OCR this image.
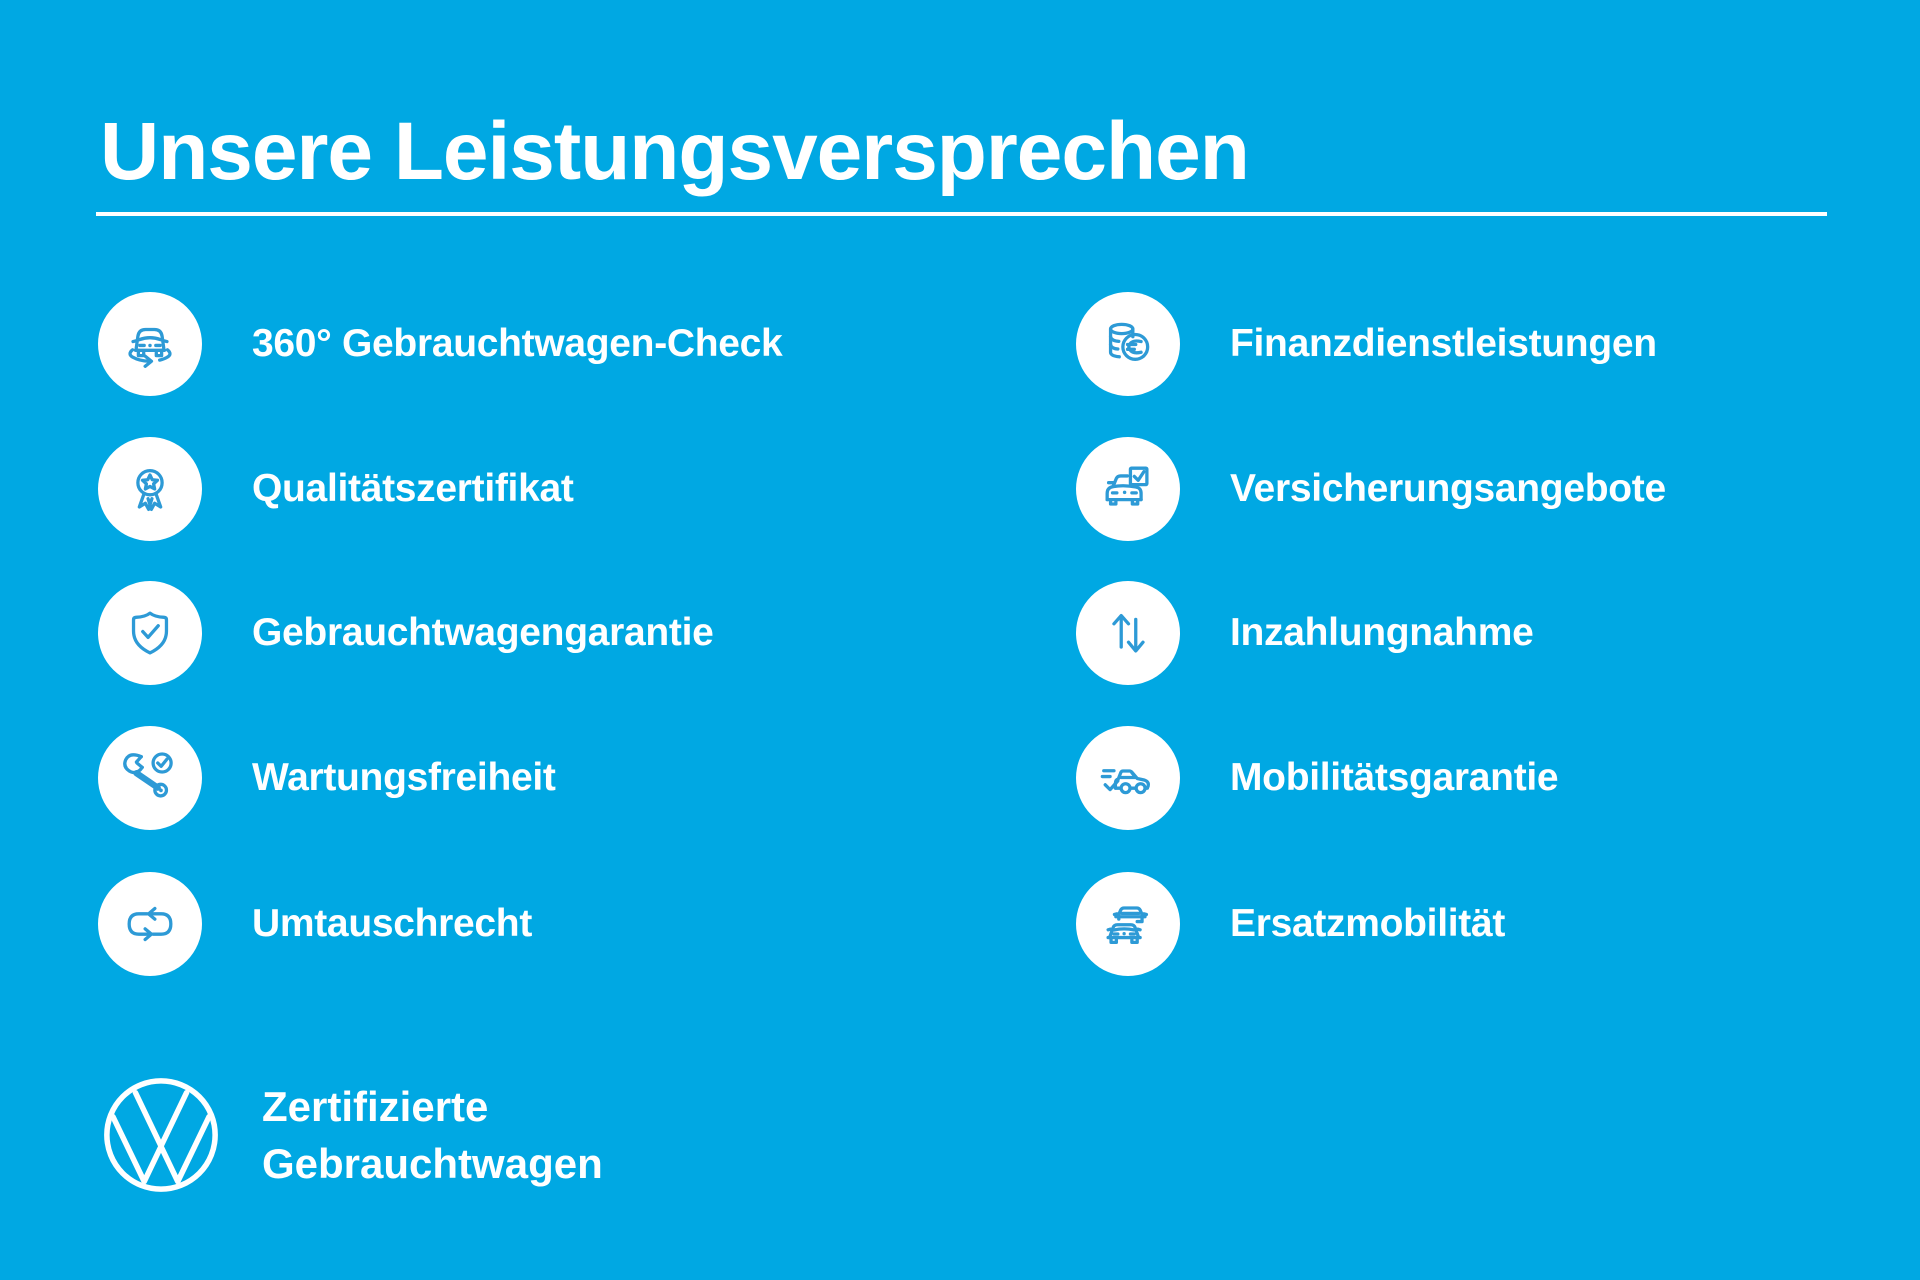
Unsere Leistungsversprechen
360° Gebrauchtwagen-Check
Qualitätszertifikat
Gebrauchtwagengarantie
Wartungsfreiheit
Umtauschrecht
Finanzdienstleistungen
Versicherungsangebote
Inzahlungnahme
Mobilitätsgarantie
Ersatzmobilität
Zertifizierte
Gebrauchtwagen
